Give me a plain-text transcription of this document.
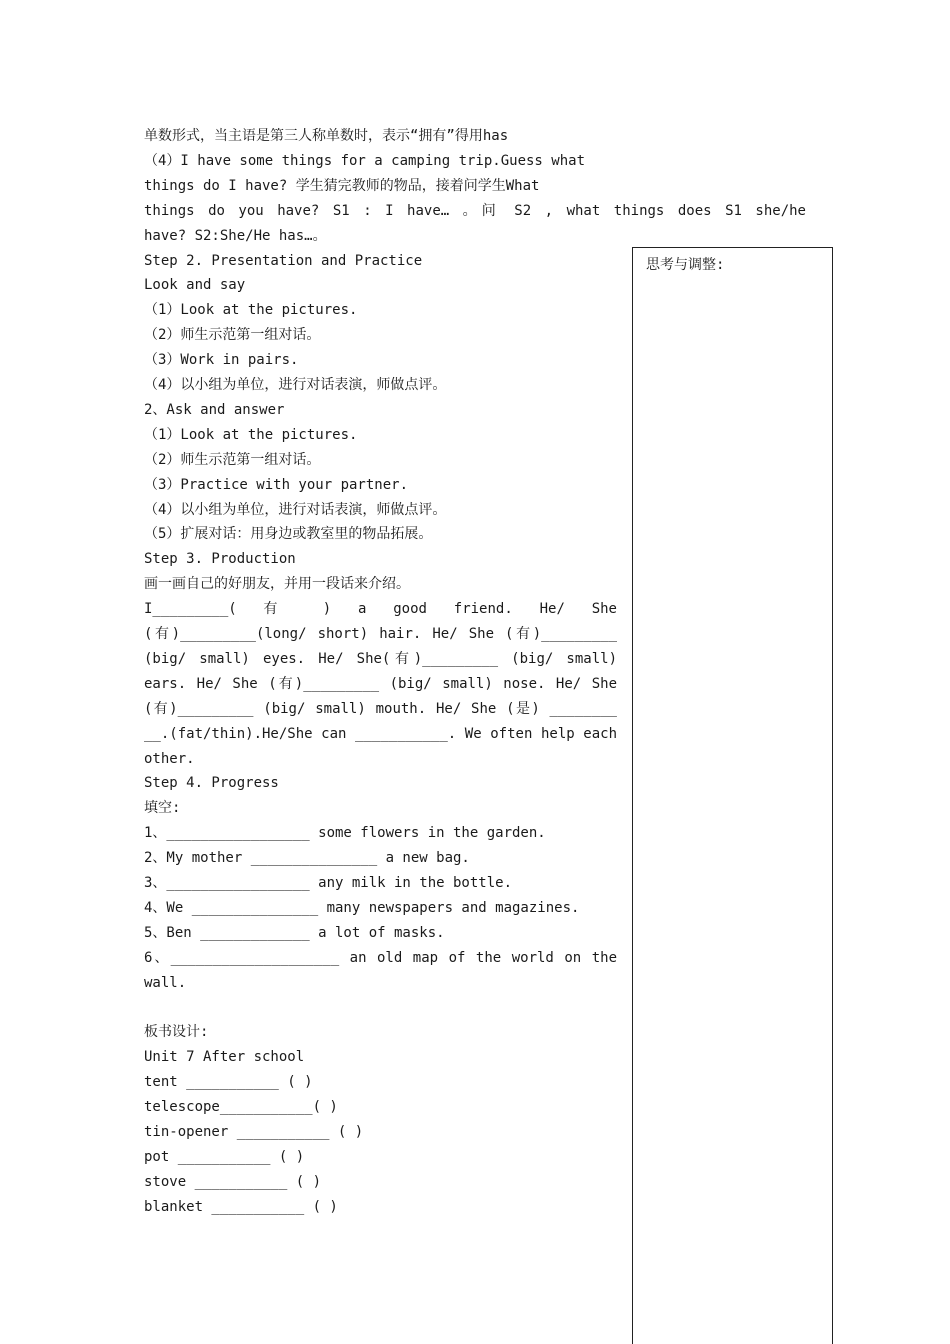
单数形式，当主语是第三人称单数时，表示“拥有”得用has
（4）I have some things for a camping trip.Guess what
things do I have? 学生猜完教师的物品，接着问学生What
things do you have? S1 : I have… 。问 S2 , what things does S1 she/he
have? S2:She/He has…。
Step 2. Presentation and Practice
Look and say
（1）Look at the pictures.
（2）师生示范第一组对话。
（3）Work in pairs.
（4）以小组为单位，进行对话表演，师做点评。
2、Ask and answer
（1）Look at the pictures.
（2）师生示范第一组对话。
（3）Practice with your partner.
（4）以小组为单位，进行对话表演，师做点评。
（5）扩展对话：用身边或教室里的物品拓展。
Step 3. Production
画一画自己的好朋友，并用一段话来介绍。
I_________( 有 ) a good friend. He/ She
(有)_________(long/ short) hair. He/ She (有)_________
(big/ small) eyes. He/ She(有)_________ (big/ small)
ears. He/ She (有)_________ (big/ small) nose. He/ She
(有)_________ (big/ small) mouth. He/ She (是) ________
__.(fat/thin).He/She can ___________. We often help each
other.
Step 4. Progress
填空:
1、_________________ some flowers in the garden.
2、My mother _______________ a new bag.
3、_________________ any milk in the bottle.
4、We _______________ many newspapers and magazines.
5、Ben _____________ a lot of masks.
6、____________________ an old map of the world on the
wall.
板书设计:
Unit 7 After school
tent ___________ ( )
telescope___________( )
tin-opener ___________ ( )
pot ___________ ( )
stove ___________ ( )
blanket ___________ ( )
思考与调整:
